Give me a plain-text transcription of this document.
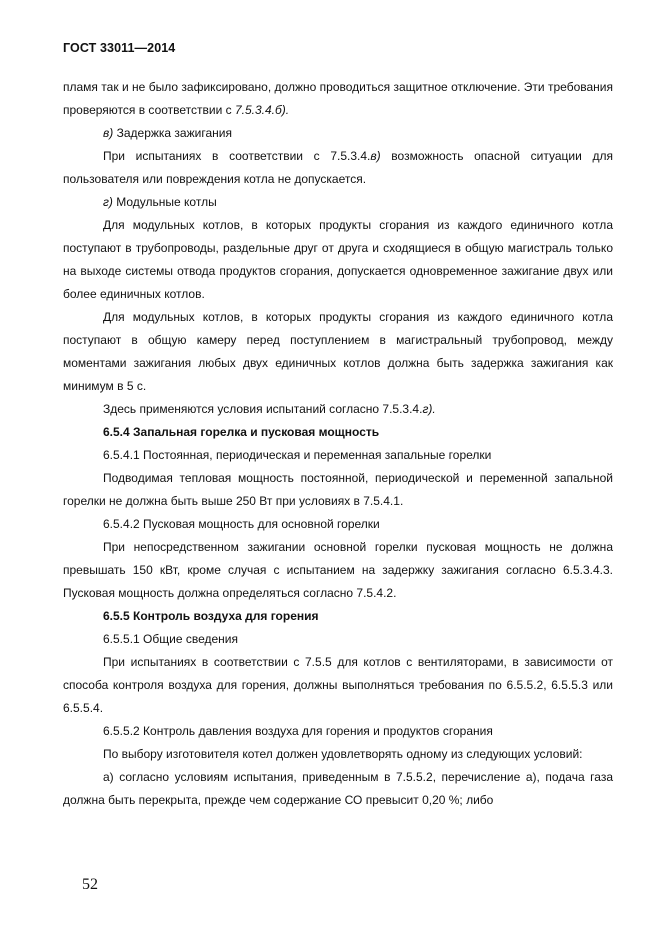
ГОСТ 33011—2014

пламя так и не было зафиксировано, должно проводиться защитное отключение. Эти требования проверяются в соответствии с 7.5.3.4.б).

в) Задержка зажигания

При испытаниях в соответствии с 7.5.3.4.в) возможность опасной ситуации для пользователя или повреждения котла не допускается.

г) Модульные котлы

Для модульных котлов, в которых продукты сгорания из каждого единичного котла поступают в трубопроводы, раздельные друг от друга и сходящиеся в общую магистраль только на выходе системы отвода продуктов сгорания, допускается одновременное зажигание двух или более единичных котлов.

Для модульных котлов, в которых продукты сгорания из каждого единичного котла поступают в общую камеру перед поступлением в магистральный трубопровод, между моментами зажигания любых двух единичных котлов должна быть задержка зажигания как минимум в 5 с.

Здесь применяются условия испытаний согласно 7.5.3.4.г).

6.5.4 Запальная горелка и пусковая мощность

6.5.4.1 Постоянная, периодическая и переменная запальные горелки

Подводимая тепловая мощность постоянной, периодической и переменной запальной горелки не должна быть выше 250 Вт при условиях в 7.5.4.1.

6.5.4.2 Пусковая мощность для основной горелки

При непосредственном зажигании основной горелки пусковая мощность не должна превышать 150 кВт, кроме случая с испытанием на задержку зажигания согласно 6.5.3.4.3. Пусковая мощность должна определяться согласно 7.5.4.2.

6.5.5 Контроль воздуха для горения

6.5.5.1 Общие сведения

При испытаниях в соответствии с 7.5.5 для котлов с вентиляторами, в зависимости от способа контроля воздуха для горения, должны выполняться требования по 6.5.5.2, 6.5.5.3 или 6.5.5.4.

6.5.5.2 Контроль давления воздуха для горения и продуктов сгорания

По выбору изготовителя котел должен удовлетворять одному из следующих условий:

а) согласно условиям испытания, приведенным в 7.5.5.2, перечисление а), подача газа должна быть перекрыта, прежде чем содержание СО превысит 0,20 %; либо

52
